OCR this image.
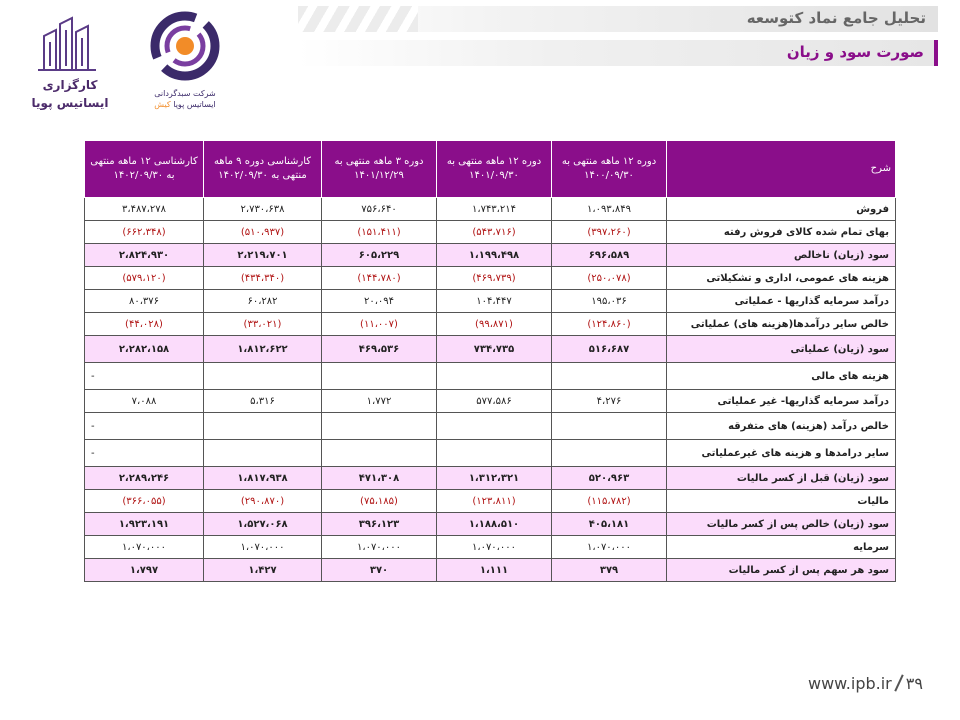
تحلیل جامع نماد کتوسعه
صورت سود و زیان
کارگزاری ایساتیس پویا
شرکت سبدگردانی
ایساتیس پویا کیش
شرح	دوره ۱۲ ماهه منتهی به ۱۴۰۰/۰۹/۳۰	دوره ۱۲ ماهه منتهی به ۱۴۰۱/۰۹/۳۰	دوره ۳ ماهه منتهی به ۱۴۰۱/۱۲/۲۹	کارشناسی دوره ۹ ماهه منتهی به ۱۴۰۲/۰۹/۳۰	کارشناسی ۱۲ ماهه منتهی به ۱۴۰۲/۰۹/۳۰
فروش	۱،۰۹۳،۸۴۹	۱،۷۴۳،۲۱۴	۷۵۶،۶۴۰	۲،۷۳۰،۶۳۸	۳،۴۸۷،۲۷۸
بهای تمام شده کالای فروش رفته	(۳۹۷،۲۶۰)	(۵۴۳،۷۱۶)	(۱۵۱،۴۱۱)	(۵۱۰،۹۳۷)	(۶۶۲،۳۴۸)
سود (زیان) ناخالص	۶۹۶،۵۸۹	۱،۱۹۹،۴۹۸	۶۰۵،۲۲۹	۲،۲۱۹،۷۰۱	۲،۸۲۴،۹۳۰
هزینه های عمومی، اداری و تشکیلاتی	(۲۵۰،۰۷۸)	(۴۶۹،۷۳۹)	(۱۴۴،۷۸۰)	(۴۳۴،۳۴۰)	(۵۷۹،۱۲۰)
درآمد سرمایه گذاریها - عملیاتی	۱۹۵،۰۳۶	۱۰۴،۴۴۷	۲۰،۰۹۴	۶۰،۲۸۲	۸۰،۳۷۶
خالص سایر درآمدها(هزینه های) عملیاتی	(۱۲۴،۸۶۰)	(۹۹،۸۷۱)	(۱۱،۰۰۷)	(۳۳،۰۲۱)	(۴۴،۰۲۸)
سود (زیان) عملیاتی	۵۱۶،۶۸۷	۷۳۴،۷۳۵	۴۶۹،۵۳۶	۱،۸۱۲،۶۲۲	۲،۲۸۲،۱۵۸
هزینه های مالی					-
درآمد سرمایه گذاریها- غیر عملیاتی	۴،۲۷۶	۵۷۷،۵۸۶	۱،۷۷۲	۵،۳۱۶	۷،۰۸۸
خالص درآمد (هزینه) های متفرقه					-
سایر درامدها و هزینه های غیرعملیاتی					-
سود (زیان) قبل از کسر مالیات	۵۲۰،۹۶۳	۱،۳۱۲،۳۲۱	۴۷۱،۳۰۸	۱،۸۱۷،۹۳۸	۲،۲۸۹،۲۴۶
مالیات	(۱۱۵،۷۸۲)	(۱۲۳،۸۱۱)	(۷۵،۱۸۵)	(۲۹۰،۸۷۰)	(۳۶۶،۰۵۵)
سود (زیان) خالص پس از کسر مالیات	۴۰۵،۱۸۱	۱،۱۸۸،۵۱۰	۳۹۶،۱۲۳	۱،۵۲۷،۰۶۸	۱،۹۲۳،۱۹۱
سرمایه	۱،۰۷۰،۰۰۰	۱،۰۷۰،۰۰۰	۱،۰۷۰،۰۰۰	۱،۰۷۰،۰۰۰	۱،۰۷۰،۰۰۰
سود هر سهم پس از کسر مالیات	۳۷۹	۱،۱۱۱	۳۷۰	۱،۴۲۷	۱،۷۹۷
www.ipb.ir ۳۹
